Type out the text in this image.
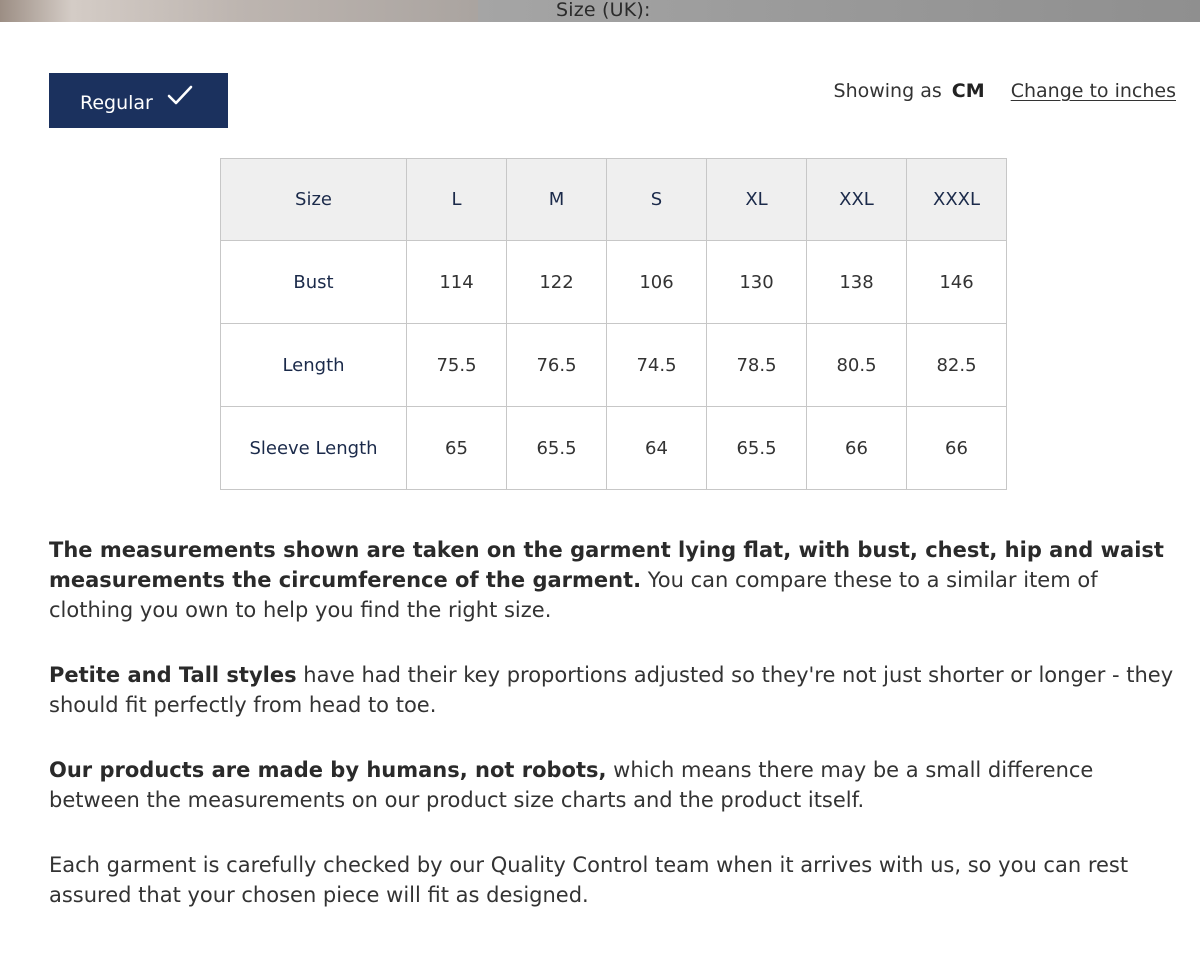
Size (UK):
Regular
Showing as CM Change to inches
Size	L	M	S	XL	XXL	XXXL
Bust	114	122	106	130	138	146
Length	75.5	76.5	74.5	78.5	80.5	82.5
Sleeve Length	65	65.5	64	65.5	66	66

The measurements shown are taken on the garment lying flat, with bust, chest, hip and waist measurements the circumference of the garment. You can compare these to a similar item of clothing you own to help you find the right size.

Petite and Tall styles have had their key proportions adjusted so they're not just shorter or longer - they should fit perfectly from head to toe.

Our products are made by humans, not robots, which means there may be a small difference between the measurements on our product size charts and the product itself.

Each garment is carefully checked by our Quality Control team when it arrives with us, so you can rest assured that your chosen piece will fit as designed.
